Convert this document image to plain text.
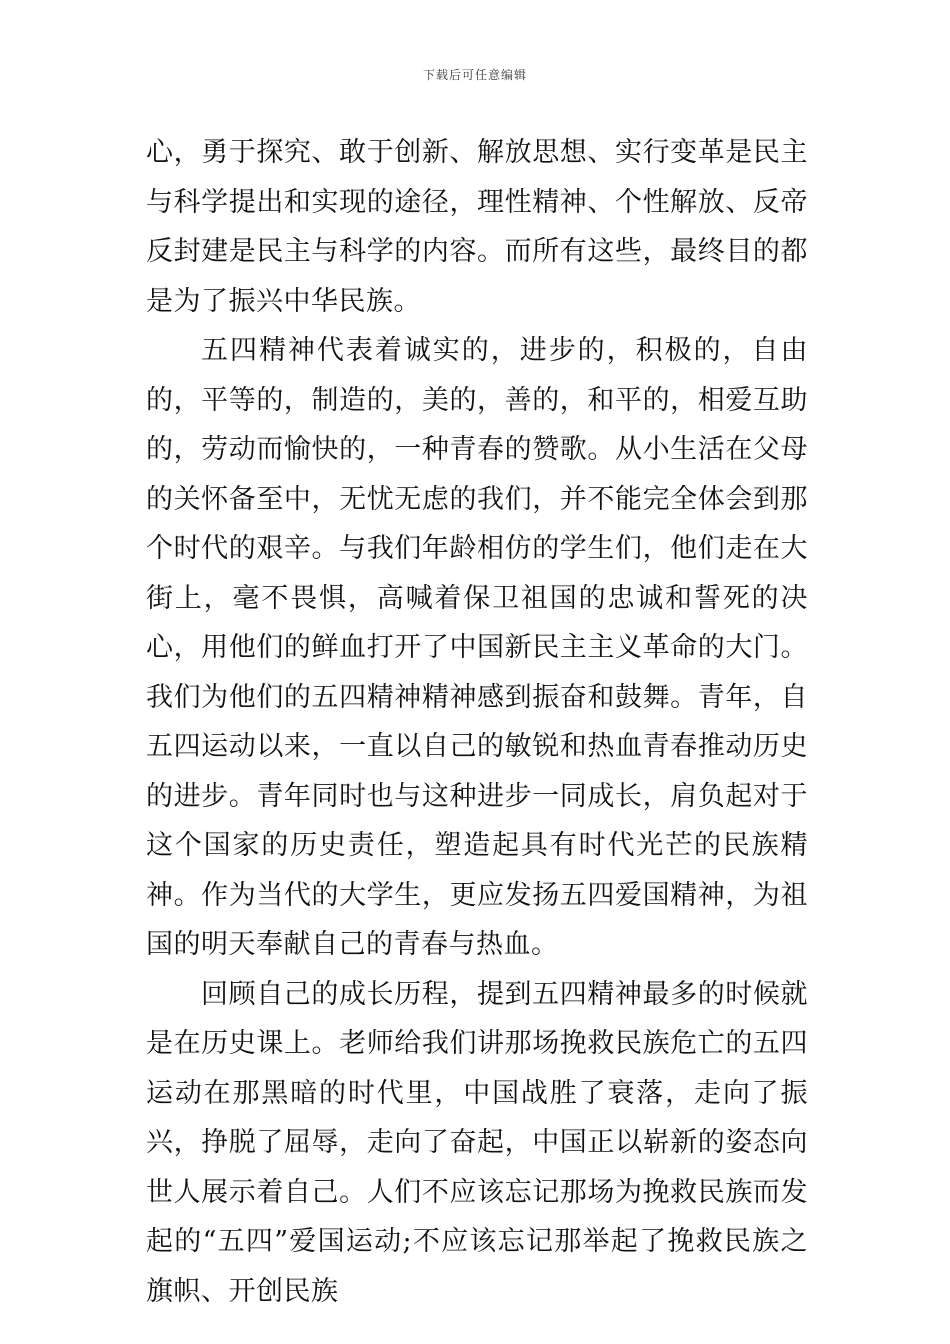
下载后可任意编辑

心，勇于探究、敢于创新、解放思想、实行变革是民主与科学提出和实现的途径，理性精神、个性解放、反帝反封建是民主与科学的内容。而所有这些，最终目的都是为了振兴中华民族。

五四精神代表着诚实的，进步的，积极的，自由的，平等的，制造的，美的，善的，和平的，相爱互助的，劳动而愉快的，一种青春的赞歌。从小生活在父母的关怀备至中，无忧无虑的我们，并不能完全体会到那个时代的艰辛。与我们年龄相仿的学生们，他们走在大街上，毫不畏惧，高喊着保卫祖国的忠诚和誓死的决心，用他们的鲜血打开了中国新民主主义革命的大门。我们为他们的五四精神精神感到振奋和鼓舞。青年，自五四运动以来，一直以自己的敏锐和热血青春推动历史的进步。青年同时也与这种进步一同成长，肩负起对于这个国家的历史责任，塑造起具有时代光芒的民族精神。作为当代的大学生，更应发扬五四爱国精神，为祖国的明天奉献自己的青春与热血。

回顾自己的成长历程，提到五四精神最多的时候就是在历史课上。老师给我们讲那场挽救民族危亡的五四运动在那黑暗的时代里，中国战胜了衰落，走向了振兴，挣脱了屈辱，走向了奋起，中国正以崭新的姿态向世人展示着自己。人们不应该忘记那场为挽救民族而发起的“五四”爱国运动;不应该忘记那举起了挽救民族之旗帜、开创民族
